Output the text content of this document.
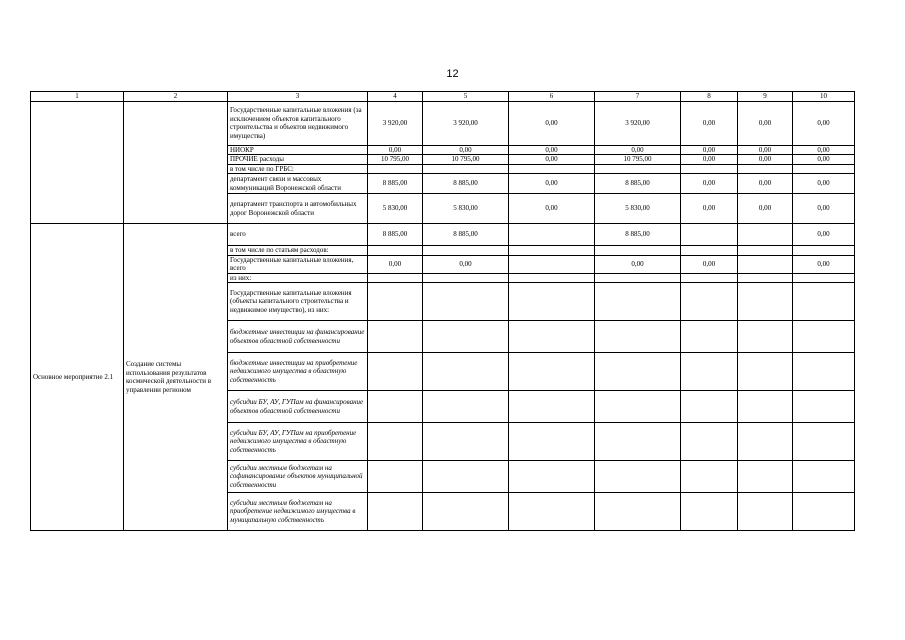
12
1	2	3	4	5	6	7	8	9	10
		Государственные капитальные вложения (за исключением объектов капитального строительства и объектов недвижимого имущества)	3 920,00	3 920,00	0,00	3 920,00	0,00	0,00	0,00
		НИОКР	0,00	0,00	0,00	0,00	0,00	0,00	0,00
		ПРОЧИЕ расходы	10 795,00	10 795,00	0,00	10 795,00	0,00	0,00	0,00
		в том числе по ГРБС:							
		департамент связи и массовых коммуникаций Воронежской области	8 885,00	8 885,00	0,00	8 885,00	0,00	0,00	0,00
		департамент транспорта и автомобильных дорог Воронежской области	5 830,00	5 830,00	0,00	5 830,00	0,00	0,00	0,00
Основное мероприятие 2.1	Создание системы использования результатов космической деятельности в управлении регионом	всего	8 885,00	8 885,00		8 885,00			0,00
		в том числе по статьям расходов:							
		Государственные капитальные вложения, всего	0,00	0,00		0,00	0,00		0,00
		из них:							
		Государственные капитальные вложения (объекты капитального строительства и недвижимое имущество), из них:							
		бюджетные инвестиции на финансирование объектов областной собственности							
		бюджетные инвестиции на приобретение недвижимого имущества в областную собственность							
		субсидии БУ, АУ, ГУПам на финансирование объектов областной собственности							
		субсидии БУ, АУ, ГУПам на приобретение недвижимого имущества в областную собственность							
		субсидии местным бюджетам на софинансирование объектов муниципальной собственности							
		субсидии местным бюджетам на приобретение недвижимого имущества в муниципальную собственность							
